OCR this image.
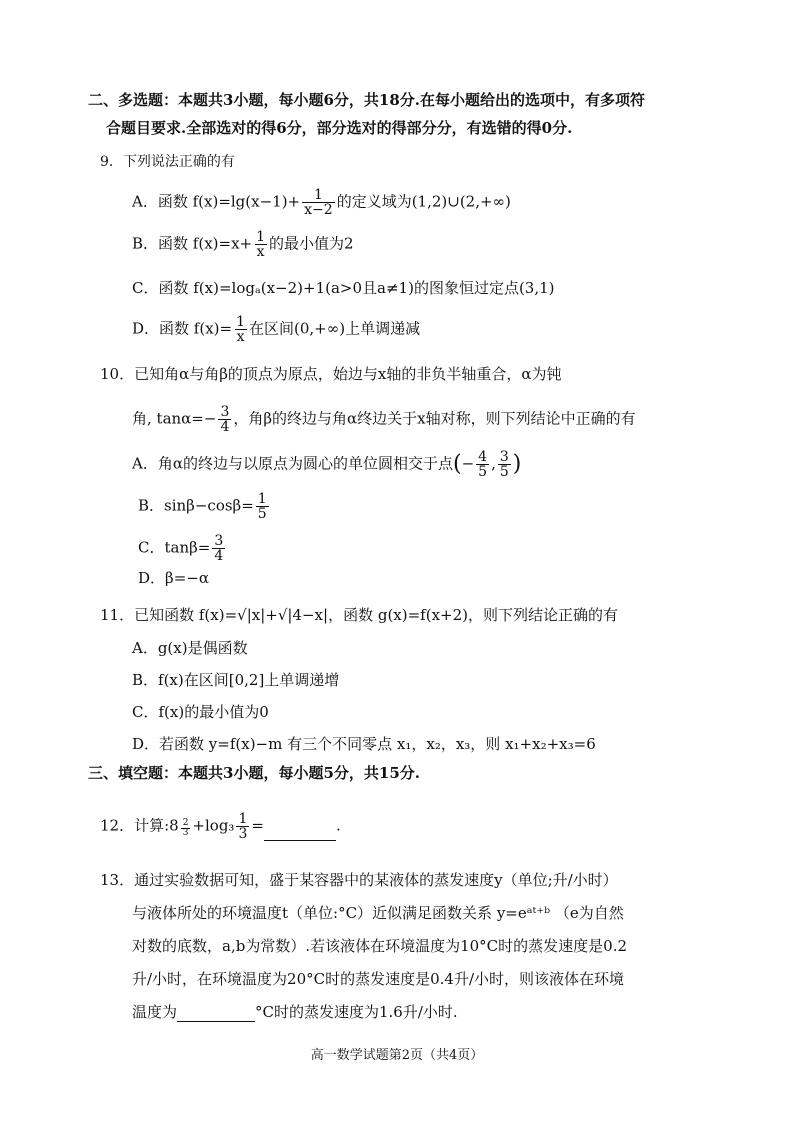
二、多选题：本题共3小题，每小题6分，共18分.在每小题给出的选项中，有多项符
合题目要求.全部选对的得6分，部分选对的得部分分，有选错的得0分.
9．下列说法正确的有
A．函数 $f(x)=\lg(x-1)+ \frac{1}{x-2}$ 的定义域为(1,2)∪(2,+∞)
B．函数 $f(x)=x+ \frac{1}{x}$ 的最小值为2
C．函数 f(x)=logₐ(x−2)+1(a>0且a≠1)的图象恒过定点(3,1)
D．函数 $f(x)= \frac{1}{x}$ 在区间(0,+∞)上单调递减
10．已知角α与角β的顶点为原点，始边与x轴的非负半轴重合，α为钝
角, $\tan\alpha=- \frac{3}{4}$ ，角β的终边与角α终边关于x轴对称，则下列结论中正确的有
A．角α的终边与以原点为圆心的单位圆相交于点(− $\frac{4}{5}$ , $\frac{3}{5}$ )
B．$\sin\beta-\cos\beta= \frac{1}{5}$
C．$\tan\beta= \frac{3}{4}$
D．β=−α
11．已知函数 f(x)=√|x|+√|4−x|，函数 g(x)=f(x+2)，则下列结论正确的有
A．g(x)是偶函数
B．f(x)在区间[0,2]上单调递增
C．f(x)的最小值为0
D．若函数 y=f(x)−m 有三个不同零点 x₁，x₂，x₃，则 x₁+x₂+x₃=6
三、填空题：本题共3小题，每小题5分，共15分.
12．计算:8 $\frac{2}{3} +\log_3 \frac{1}{3}$ =	.
13．通过实验数据可知，盛于某容器中的某液体的蒸发速度y（单位;升/小时）
与液体所处的环境温度t（单位:°C）近似满足函数关系 y=eᵃᵗ⁺ᵇ （e为自然
对数的底数，a,b为常数）.若该液体在环境温度为10°C时的蒸发速度是0.2
升/小时，在环境温度为20°C时的蒸发速度是0.4升/小时，则该液体在环境
温度为	°C时的蒸发速度为1.6升/小时.
高一数学试题第2页（共4页）
